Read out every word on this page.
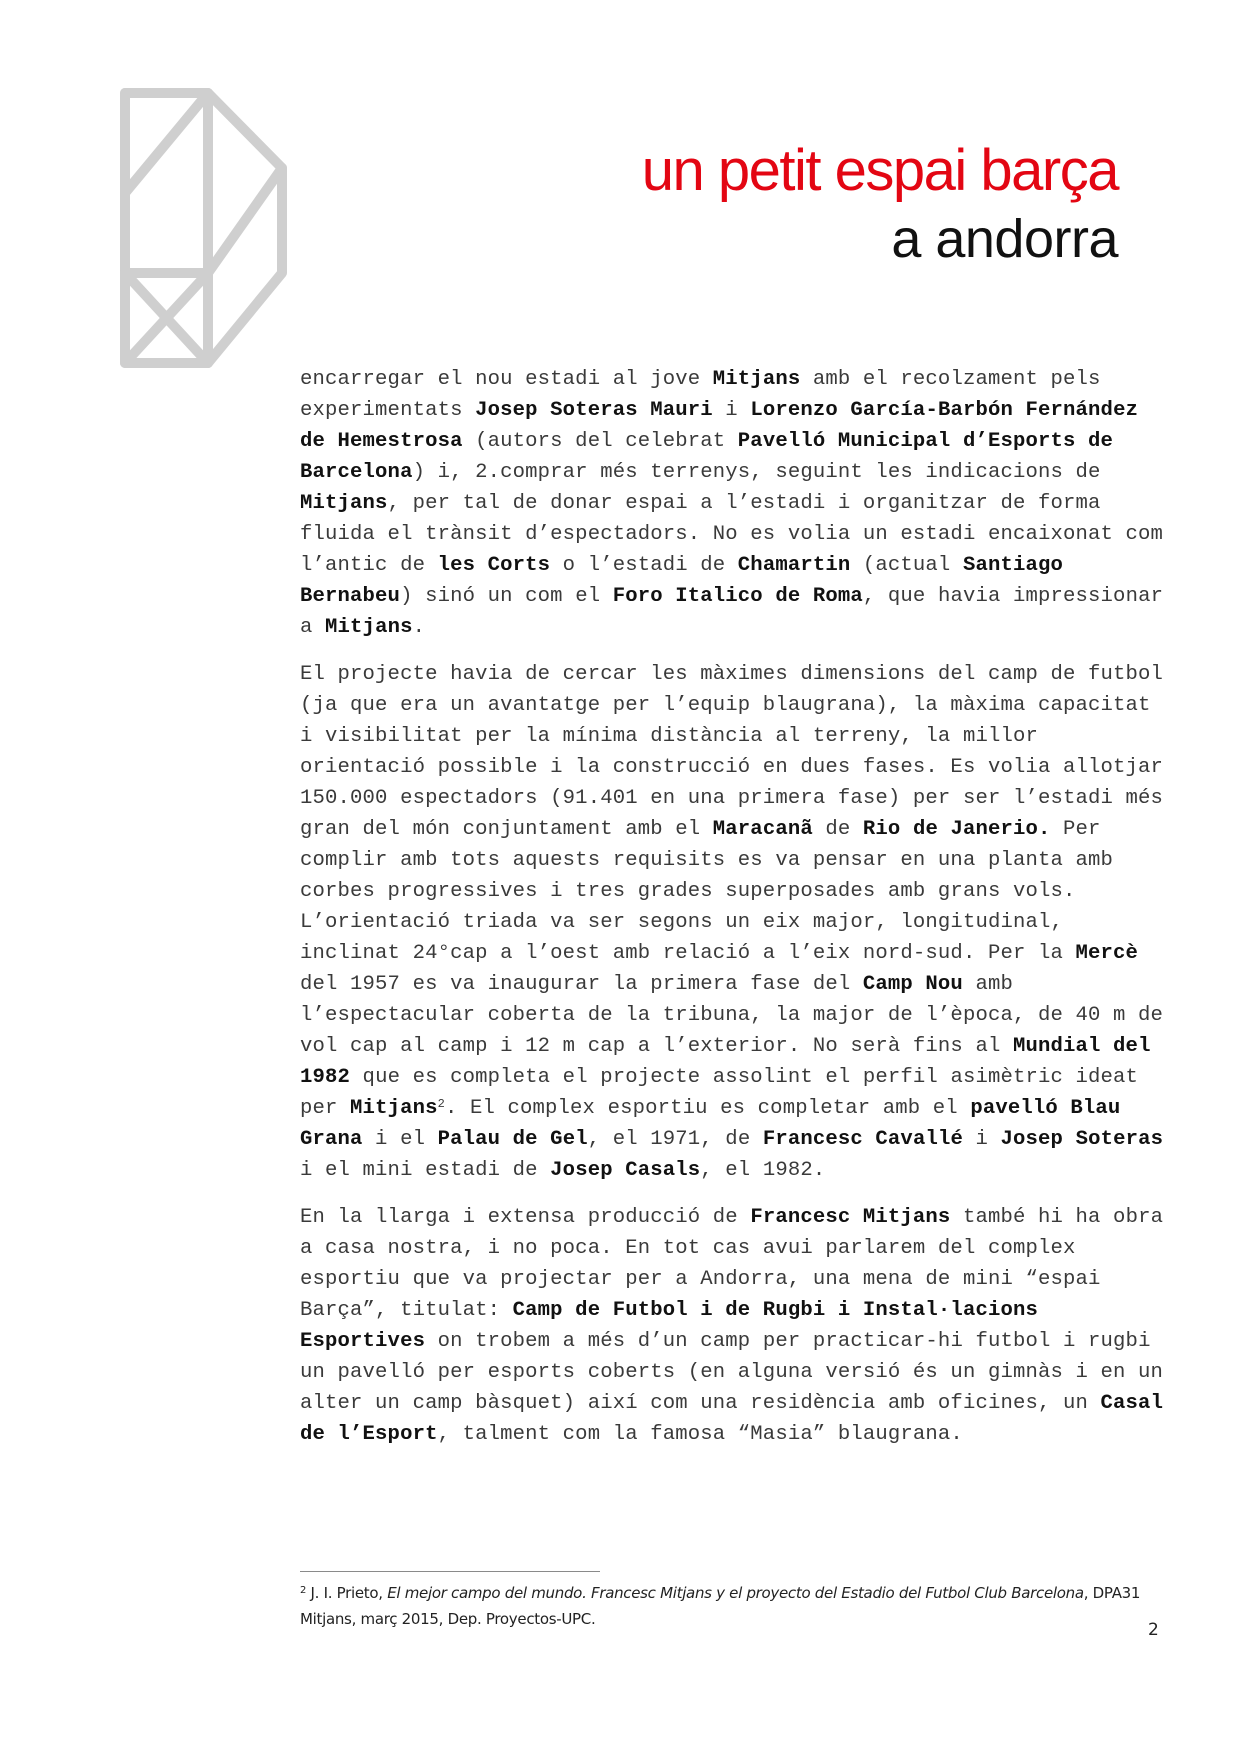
un petit espai barça
a andorra

encarregar el nou estadi al jove Mitjans amb el recolzament pels experimentats Josep Soteras Mauri i Lorenzo García-Barbón Fernández de Hemestrosa (autors del celebrat Pavelló Municipal d’Esports de Barcelona) i, 2.comprar més terrenys, seguint les indicacions de Mitjans, per tal de donar espai a l’estadi i organitzar de forma fluida el trànsit d’espectadors. No es volia un estadi encaixonat com l’antic de les Corts o l’estadi de Chamartin (actual Santiago Bernabeu) sinó un com el Foro Italico de Roma, que havia impressionar a Mitjans.

El projecte havia de cercar les màximes dimensions del camp de futbol (ja que era un avantatge per l’equip blaugrana), la màxima capacitat i visibilitat per la mínima distància al terreny, la millor orientació possible i la construcció en dues fases. Es volia allotjar 150.000 espectadors (91.401 en una primera fase) per ser l’estadi més gran del món conjuntament amb el Maracanã de Rio de Janerio. Per complir amb tots aquests requisits es va pensar en una planta amb corbes progressives i tres grades superposades amb grans vols. L’orientació triada va ser segons un eix major, longitudinal, inclinat 24°cap a l’oest amb relació a l’eix nord-sud. Per la Mercè del 1957 es va inaugurar la primera fase del Camp Nou amb l’espectacular coberta de la tribuna, la major de l’època, de 40 m de vol cap al camp i 12 m cap a l’exterior. No serà fins al Mundial del 1982 que es completa el projecte assolint el perfil asimètric ideat per Mitjans$^2$. El complex esportiu es completar amb el pavelló Blau Grana i el Palau de Gel, el 1971, de Francesc Cavallé i Josep Soteras i el mini estadi de Josep Casals, el 1982.

En la llarga i extensa producció de Francesc Mitjans també hi ha obra a casa nostra, i no poca. En tot cas avui parlarem del complex esportiu que va projectar per a Andorra, una mena de mini “espai Barça”, titulat: Camp de Futbol i de Rugbi i Instal·lacions Esportives on trobem a més d’un camp per practicar-hi futbol i rugbi un pavelló per esports coberts (en alguna versió és un gimnàs i en un alter un camp bàsquet) així com una residència amb oficines, un Casal de l’Esport, talment com la famosa “Masia” blaugrana.

$^2$ J. I. Prieto, El mejor campo del mundo. Francesc Mitjans y el proyecto del Estadio del Futbol Club Barcelona, DPA31 Mitjans, març 2015, Dep. Proyectos-UPC.
2
